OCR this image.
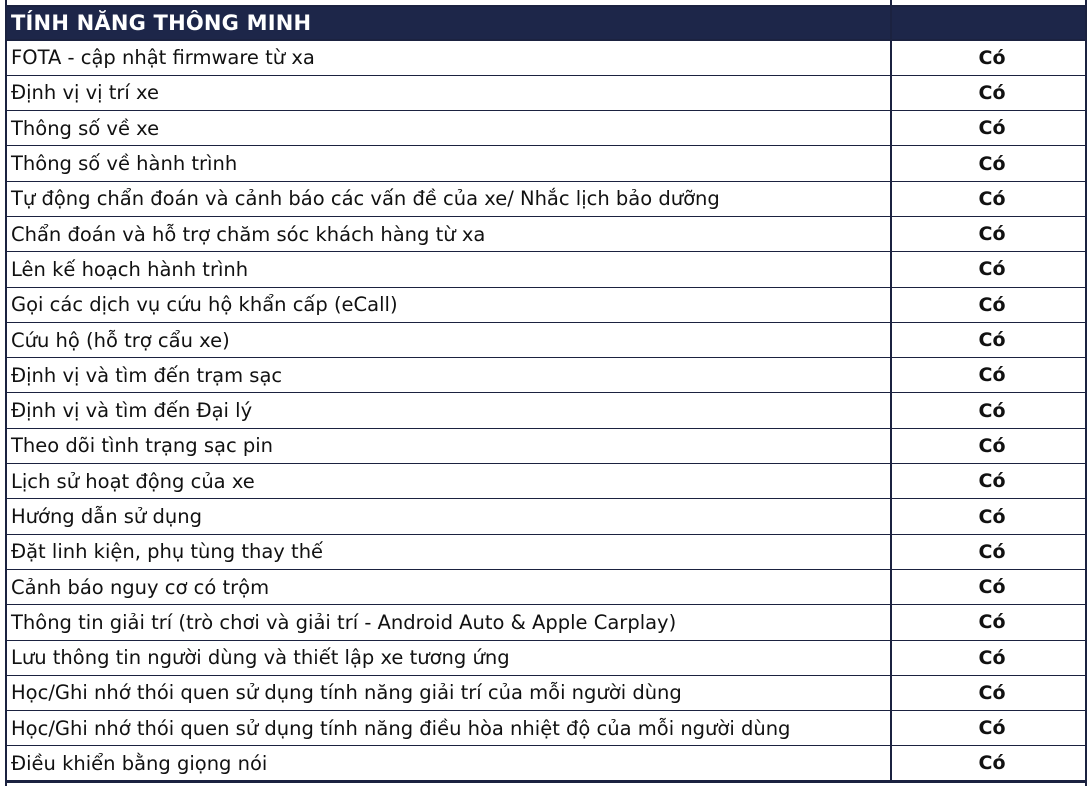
TÍNH NĂNG THÔNG MINH	
FOTA - cập nhật firmware từ xa	Có
Định vị vị trí xe	Có
Thông số về xe	Có
Thông số về hành trình	Có
Tự động chẩn đoán và cảnh báo các vấn đề của xe/ Nhắc lịch bảo dưỡng	Có
Chẩn đoán và hỗ trợ chăm sóc khách hàng từ xa	Có
Lên kế hoạch hành trình	Có
Gọi các dịch vụ cứu hộ khẩn cấp (eCall)	Có
Cứu hộ (hỗ trợ cẩu xe)	Có
Định vị và tìm đến trạm sạc	Có
Định vị và tìm đến Đại lý	Có
Theo dõi tình trạng sạc pin	Có
Lịch sử hoạt động của xe	Có
Hướng dẫn sử dụng	Có
Đặt linh kiện, phụ tùng thay thế	Có
Cảnh báo nguy cơ có trộm	Có
Thông tin giải trí (trò chơi và giải trí - Android Auto & Apple Carplay)	Có
Lưu thông tin người dùng và thiết lập xe tương ứng	Có
Học/Ghi nhớ thói quen sử dụng tính năng giải trí của mỗi người dùng	Có
Học/Ghi nhớ thói quen sử dụng tính năng điều hòa nhiệt độ của mỗi người dùng	Có
Điều khiển bằng giọng nói	Có
